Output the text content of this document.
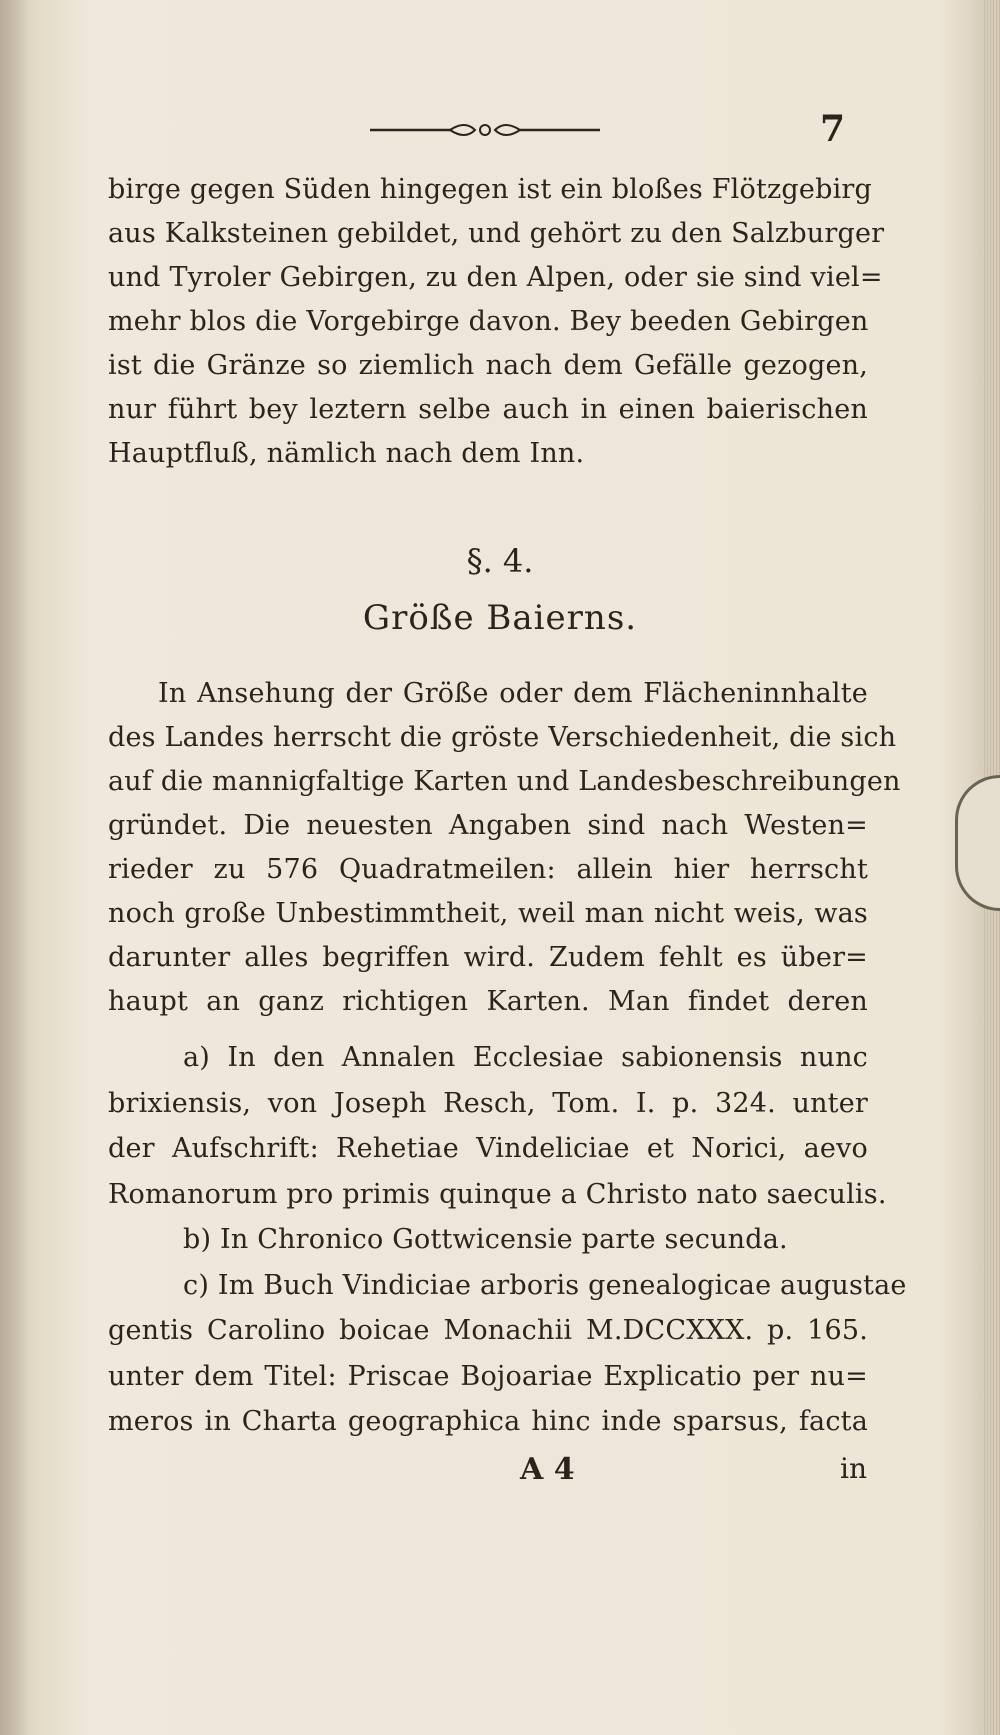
7
birge gegen Süden hingegen ist ein bloßes Flötzgebirg
aus Kalksteinen gebildet, und gehört zu den Salzburger
und Tyroler Gebirgen, zu den Alpen, oder sie sind viel=
mehr blos die Vorgebirge davon. Bey beeden Gebirgen
ist die Gränze so ziemlich nach dem Gefälle gezogen,
nur führt bey leztern selbe auch in einen baierischen
Hauptfluß, nämlich nach dem Inn.
§. 4.
Größe Baierns.
In Ansehung der Größe oder dem Flächeninnhalte
des Landes herrscht die gröste Verschiedenheit, die sich
auf die mannigfaltige Karten und Landesbeschreibungen
gründet. Die neuesten Angaben sind nach Westen=
rieder zu 576 Quadratmeilen: allein hier herrscht
noch große Unbestimmtheit, weil man nicht weis, was
darunter alles begriffen wird. Zudem fehlt es über=
haupt an ganz richtigen Karten. Man findet deren
a) In den Annalen Ecclesiae sabionensis nunc
brixiensis, von Joseph Resch, Tom. I. p. 324. unter
der Aufschrift: Rehetiae Vindeliciae et Norici, aevo
Romanorum pro primis quinque a Christo nato saeculis.
b) In Chronico Gottwicensie parte secunda.
c) Im Buch Vindiciae arboris genealogicae augustae
gentis Carolino boicae Monachii M.DCCXXX. p. 165.
unter dem Titel: Priscae Bojoariae Explicatio per nu=
meros in Charta geographica hinc inde sparsus, facta
A 4	in
